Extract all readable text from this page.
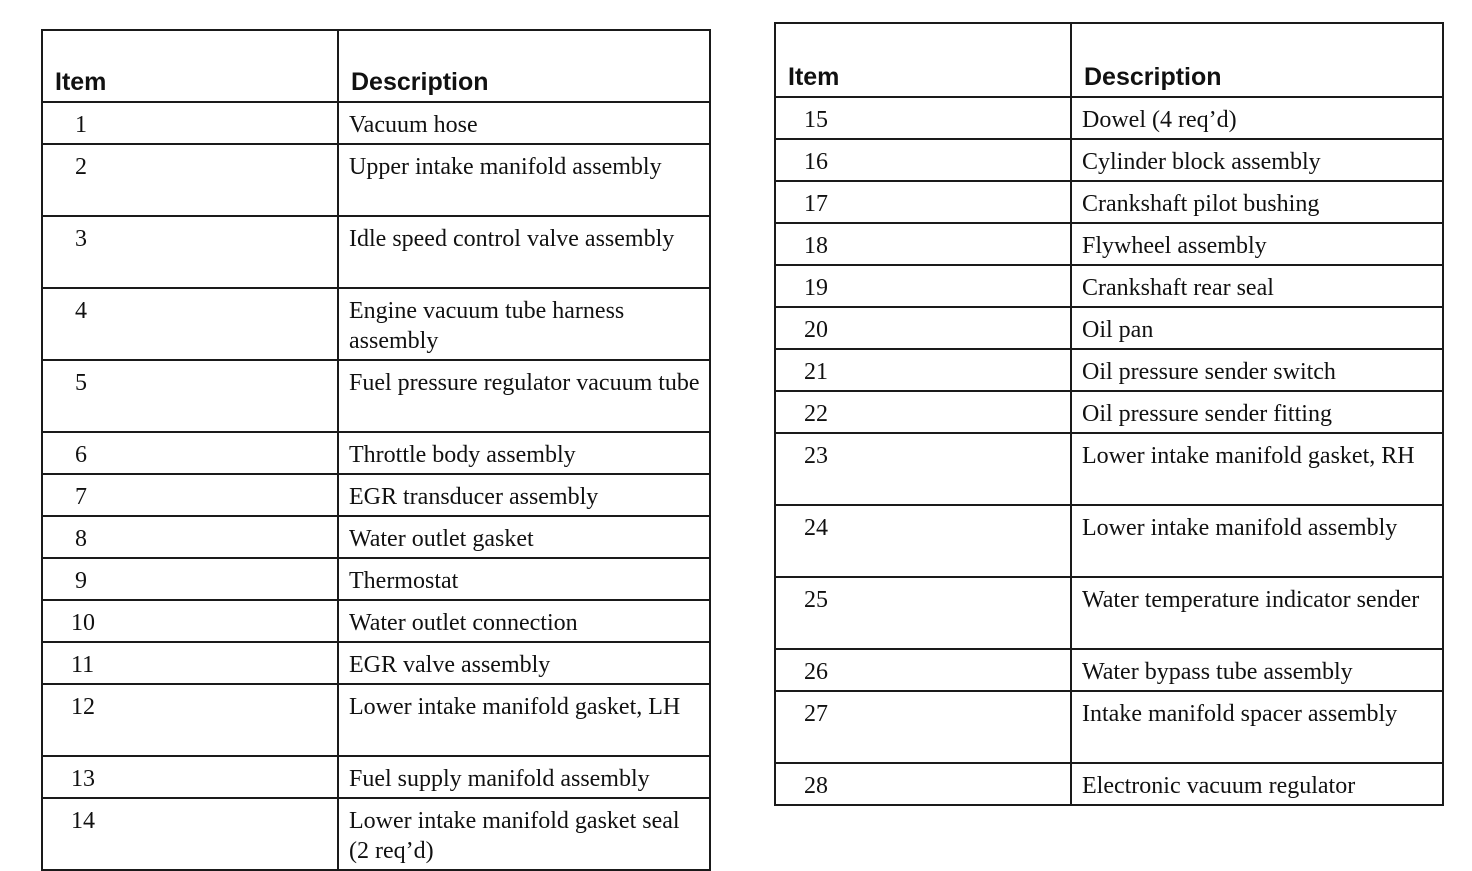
Item	Description
1	Vacuum hose
2	Upper intake manifold assembly
3	Idle speed control valve assembly
4	Engine vacuum tube harness assembly
5	Fuel pressure regulator vacuum tube
6	Throttle body assembly
7	EGR transducer assembly
8	Water outlet gasket
9	Thermostat
10	Water outlet connection
11	EGR valve assembly
12	Lower intake manifold gasket, LH
13	Fuel supply manifold assembly
14	Lower intake manifold gasket seal (2 req’d)
Item	Description
15	Dowel (4 req’d)
16	Cylinder block assembly
17	Crankshaft pilot bushing
18	Flywheel assembly
19	Crankshaft rear seal
20	Oil pan
21	Oil pressure sender switch
22	Oil pressure sender fitting
23	Lower intake manifold gasket, RH
24	Lower intake manifold assembly
25	Water temperature indicator sender
26	Water bypass tube assembly
27	Intake manifold spacer assembly
28	Electronic vacuum regulator
